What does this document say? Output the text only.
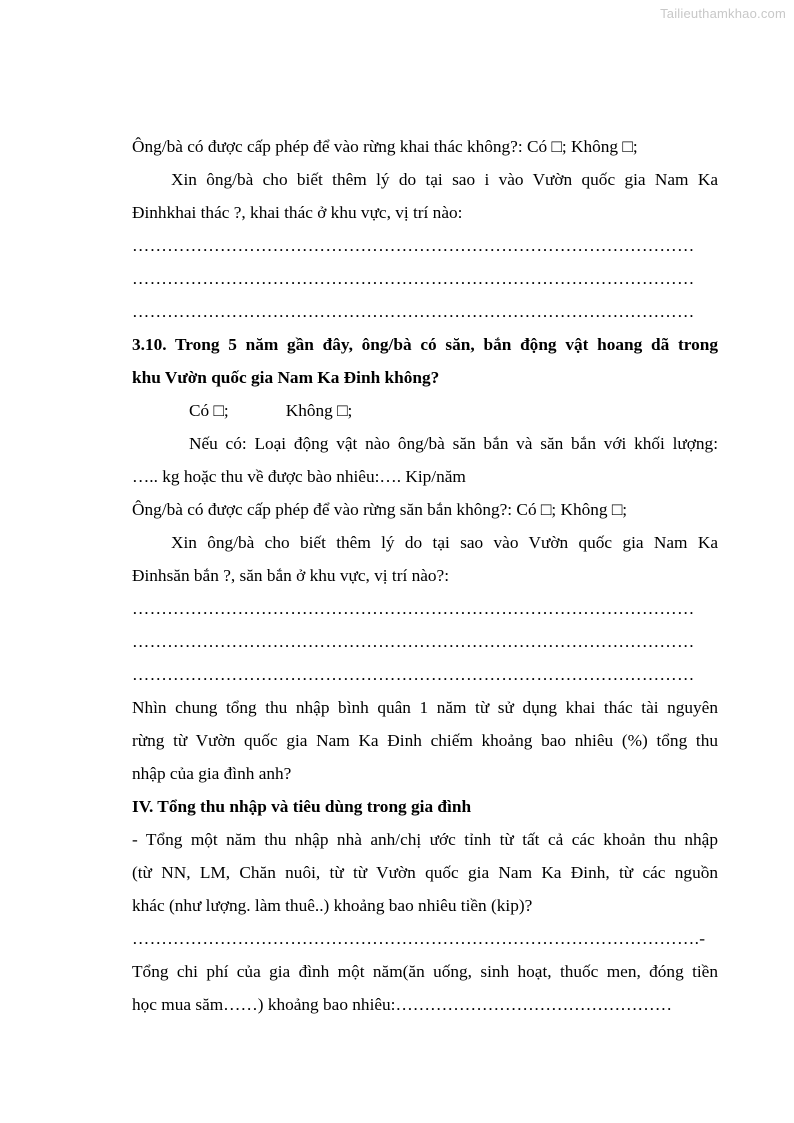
Tailieuthamkhao.com
Ông/bà có được cấp phép để vào rừng khai thác không?: Có □; Không □;
Xin ông/bà cho biết thêm lý do tại sao i vào Vườn quốc gia Nam Ka
Đinhkhai thác ?, khai thác ở khu vực, vị trí nào:
……………………………………………………………………………………
……………………………………………………………………………………
……………………………………………………………………………………
3.10. Trong 5 năm gần đây, ông/bà có săn, bắn động vật hoang dã trong
khu Vườn quốc gia Nam Ka Đinh không?
Có □;	Không □;
Nếu có: Loại động vật nào ông/bà săn bắn và săn bắn với khối lượng:
….. kg hoặc thu về được bào nhiêu:…. Kip/năm
Ông/bà có được cấp phép để vào rừng săn bắn không?: Có □; Không □;
Xin ông/bà cho biết thêm lý do tại sao vào Vườn quốc gia Nam Ka
Đinhsăn bắn ?, săn bắn ở khu vực, vị trí nào?:
……………………………………………………………………………………
……………………………………………………………………………………
……………………………………………………………………………………
Nhìn chung tổng thu nhập bình quân 1 năm từ sử dụng khai thác tài nguyên
rừng từ Vườn quốc gia Nam Ka Đinh chiếm khoảng bao nhiêu (%) tổng thu
nhập của gia đình anh?
IV. Tổng thu nhập và tiêu dùng trong gia đình
- Tổng một năm thu nhập nhà anh/chị ước tỉnh từ tất cả các khoản thu nhập
(từ NN, LM, Chăn nuôi, từ từ Vườn quốc gia Nam Ka Đinh, từ các nguồn
khác (như lượng. làm thuê..) khoảng bao nhiêu tiền (kip)?
…………………………………………………………………………………….-
Tổng chi phí của gia đình một năm(ăn uống, sinh hoạt, thuốc men, đóng tiền
học mua săm……) khoảng bao nhiêu:…………………………………………
